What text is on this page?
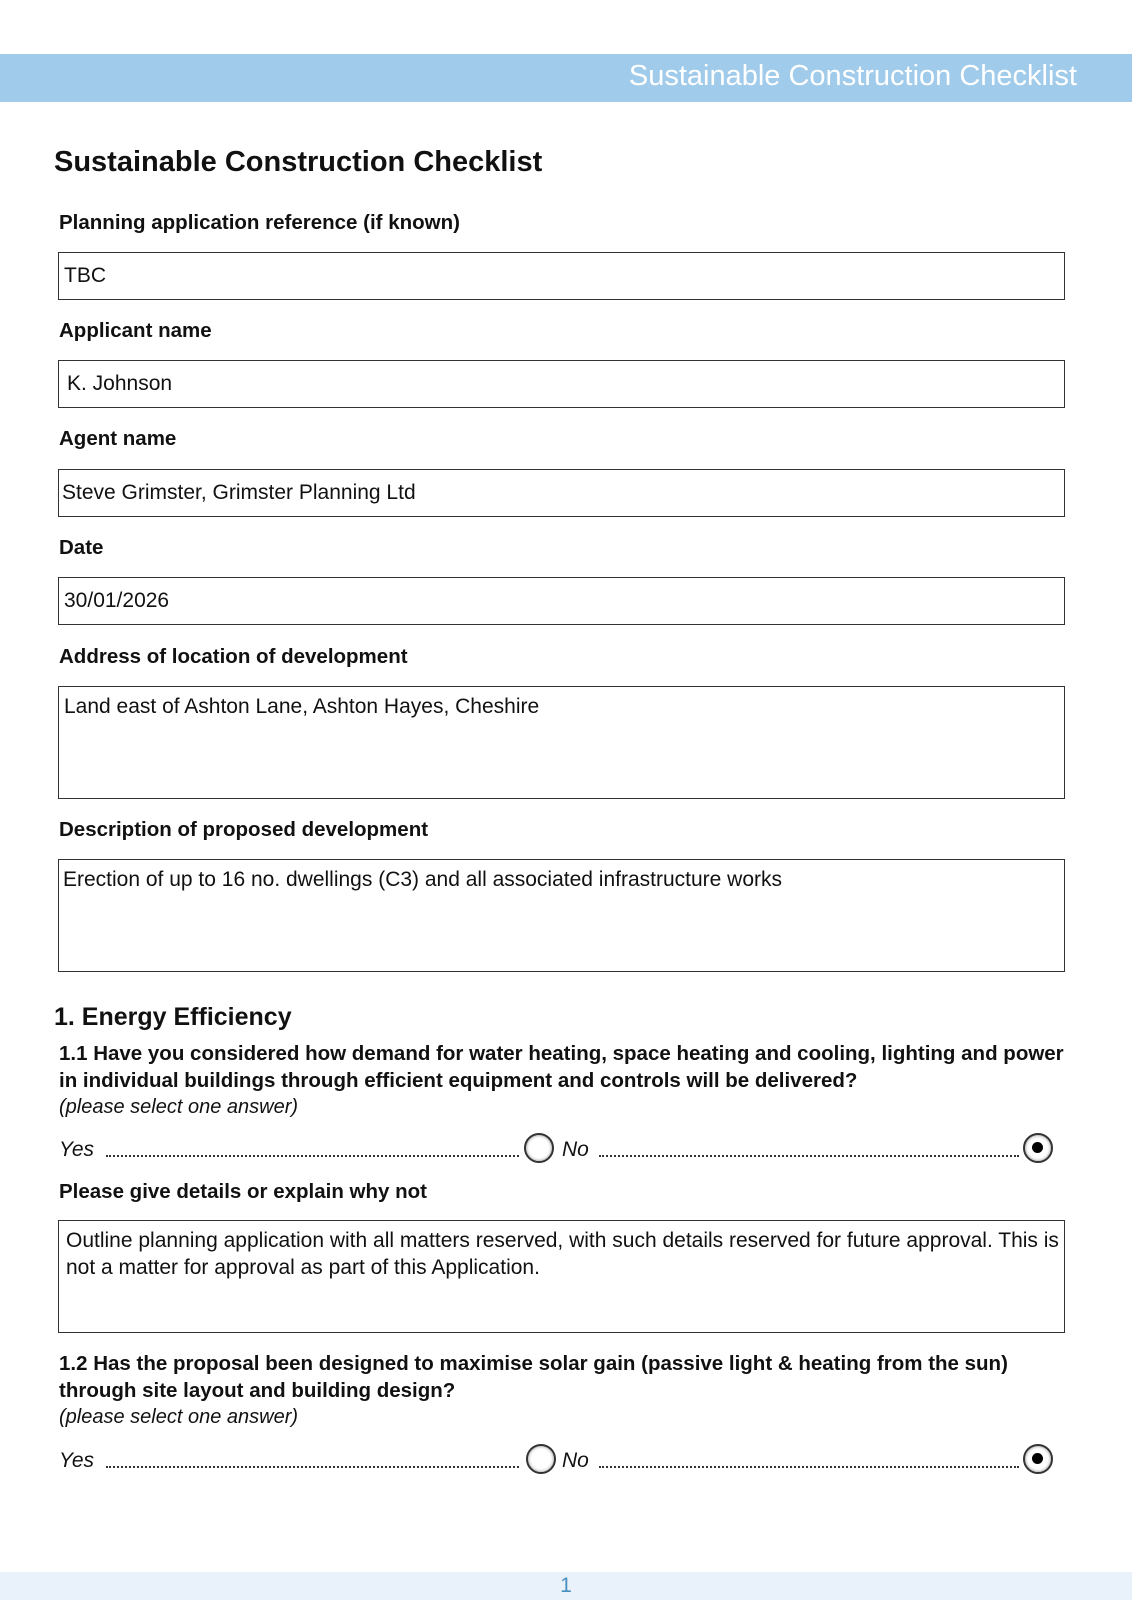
Sustainable Construction Checklist
Sustainable Construction Checklist
Planning application reference (if known)
TBC
Applicant name
K. Johnson
Agent name
Steve Grimster, Grimster Planning Ltd
Date
30/01/2026
Address of location of development
Land east of Ashton Lane, Ashton Hayes, Cheshire
Description of proposed development
Erection of up to 16 no. dwellings (C3) and all associated infrastructure works
1. Energy Efficiency
1.1 Have you considered how demand for water heating, space heating and cooling, lighting and power in individual buildings through efficient equipment and controls will be delivered?
(please select one answer)
Yes	No
Please give details or explain why not
Outline planning application with all matters reserved, with such details reserved for future approval. This is not a matter for approval as part of this Application.
1.2 Has the proposal been designed to maximise solar gain (passive light & heating from the sun) through site layout and building design?
(please select one answer)
Yes	No
1
